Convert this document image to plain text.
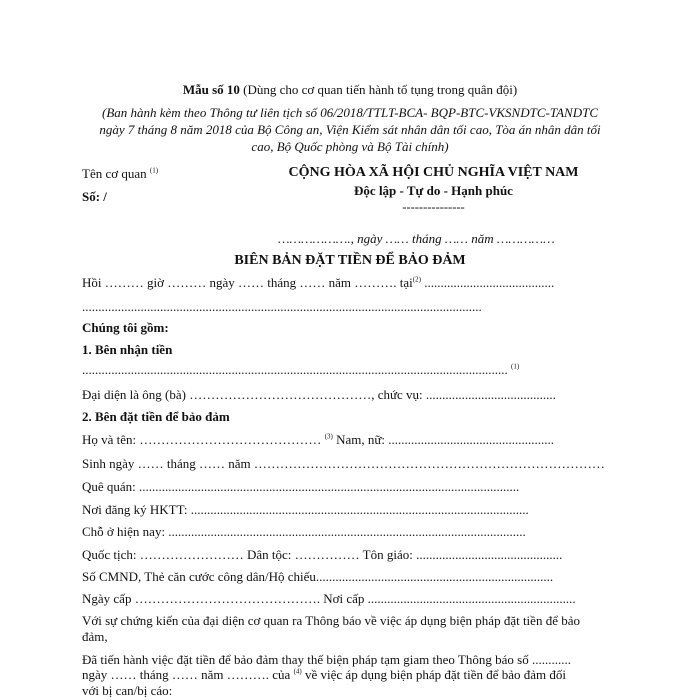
Mẫu số 10 (Dùng cho cơ quan tiến hành tố tụng trong quân đội)
(Ban hành kèm theo Thông tư liên tịch số 06/2018/TTLT-BCA- BQP-BTC-VKSNDTC-TANDTC
ngày 7 tháng 8 năm 2018 của Bộ Công an, Viện Kiểm sát nhân dân tối cao, Tòa án nhân dân tối
cao, Bộ Quốc phòng và Bộ Tài chính)
Tên cơ quan $^{(1)}$
Số: /
CỘNG HÒA XÃ HỘI CHỦ NGHĨA VIỆT NAM
Độc lập - Tự do - Hạnh phúc
---------------
………………., ngày …… tháng …… năm ……………
BIÊN BẢN ĐẶT TIỀN ĐỂ BẢO ĐẢM
Hồi ……… giờ ……… ngày …… tháng …… năm ………. tại$^{(2)}$ ........................................
...........................................................................................................................
Chúng tôi gồm:
1. Bên nhận tiền
................................................................................................................................... $^{(1)}$
Đại diện là ông (bà) ……………………………………, chức vụ: ........................................
2. Bên đặt tiền để bảo đảm
Họ và tên: …………………………………… $^{(3)}$ Nam, nữ: ...................................................
Sinh ngày …… tháng …… năm ………………………………………………………………………
Quê quán: .....................................................................................................................
Nơi đăng ký HKTT: ........................................................................................................
Chỗ ở hiện nay: ..............................................................................................................
Quốc tịch: …………………… Dân tộc: …………… Tôn giáo: .............................................
Số CMND, Thẻ căn cước công dân/Hộ chiếu.........................................................................
Ngày cấp ……………………………………. Nơi cấp ................................................................
Với sự chứng kiến của đại diện cơ quan ra Thông báo về việc áp dụng biện pháp đặt tiền để bảo
đảm,
Đã tiến hành việc đặt tiền để bảo đảm thay thế biện pháp tạm giam theo Thông báo số ............
ngày …… tháng …… năm ………. của $^{(4)}$ về việc áp dụng biện pháp đặt tiền để bảo đảm đối
với bị can/bị cáo:
